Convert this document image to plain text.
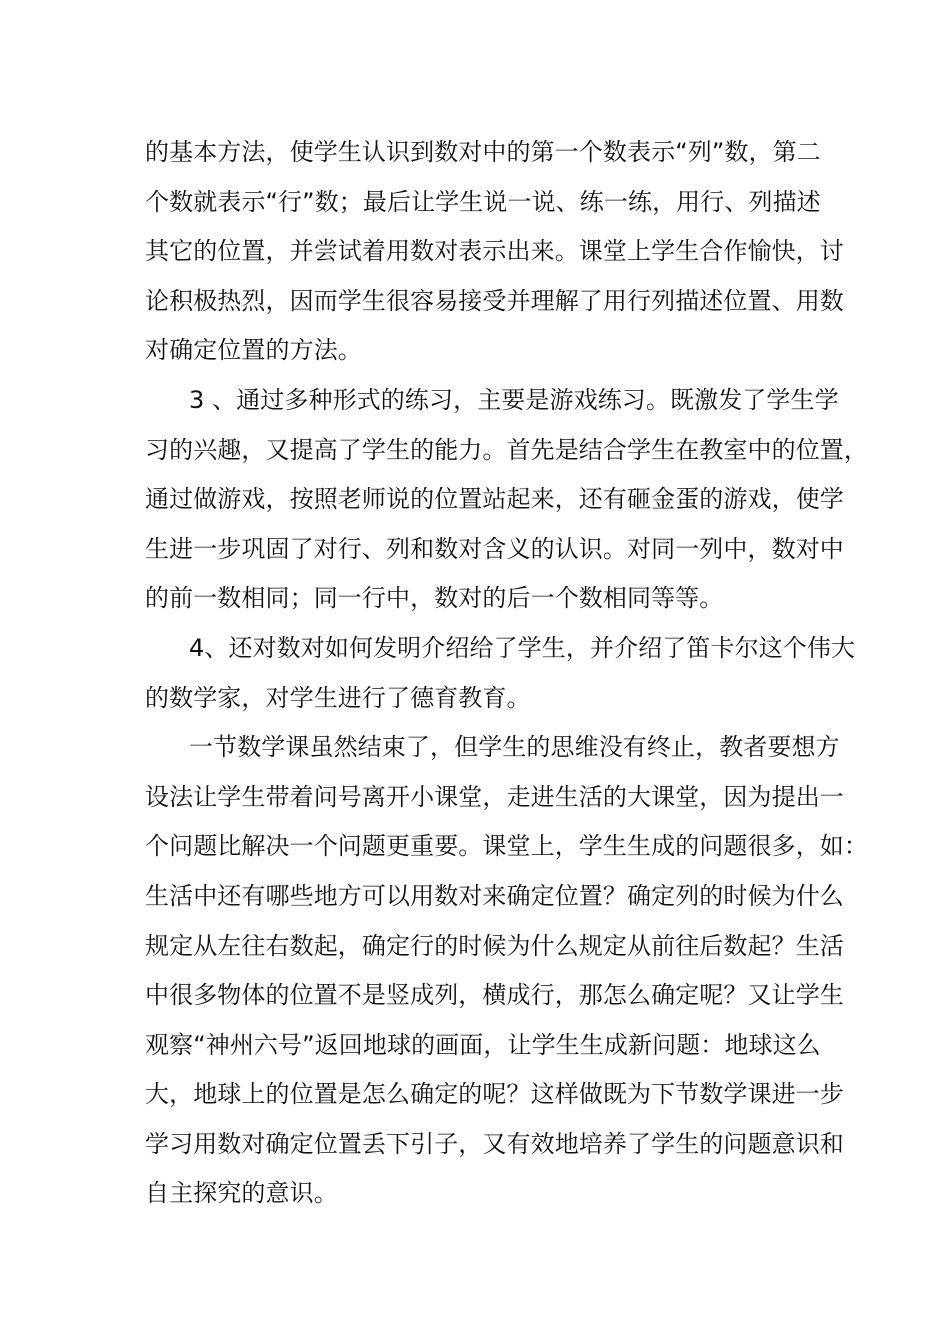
的基本方法，使学生认识到数对中的第一个数表示“列”数，第二
个数就表示“行”数；最后让学生说一说、练一练，用行、列描述
其它的位置，并尝试着用数对表示出来。课堂上学生合作愉快，讨
论积极热烈，因而学生很容易接受并理解了用行列描述位置、用数
对确定位置的方法。
3 、通过多种形式的练习，主要是游戏练习。既激发了学生学
习的兴趣，又提高了学生的能力。首先是结合学生在教室中的位置，
通过做游戏，按照老师说的位置站起来，还有砸金蛋的游戏，使学
生进一步巩固了对行、列和数对含义的认识。对同一列中，数对中
的前一数相同；同一行中，数对的后一个数相同等等。
4、还对数对如何发明介绍给了学生，并介绍了笛卡尔这个伟大
的数学家，对学生进行了德育教育。
一节数学课虽然结束了，但学生的思维没有终止，教者要想方
设法让学生带着问号离开小课堂，走进生活的大课堂，因为提出一
个问题比解决一个问题更重要。课堂上，学生生成的问题很多，如：
生活中还有哪些地方可以用数对来确定位置？确定列的时候为什么
规定从左往右数起，确定行的时候为什么规定从前往后数起？生活
中很多物体的位置不是竖成列，横成行，那怎么确定呢？又让学生
观察“神州六号”返回地球的画面，让学生生成新问题：地球这么
大，地球上的位置是怎么确定的呢？这样做既为下节数学课进一步
学习用数对确定位置丢下引子，又有效地培养了学生的问题意识和
自主探究的意识。
